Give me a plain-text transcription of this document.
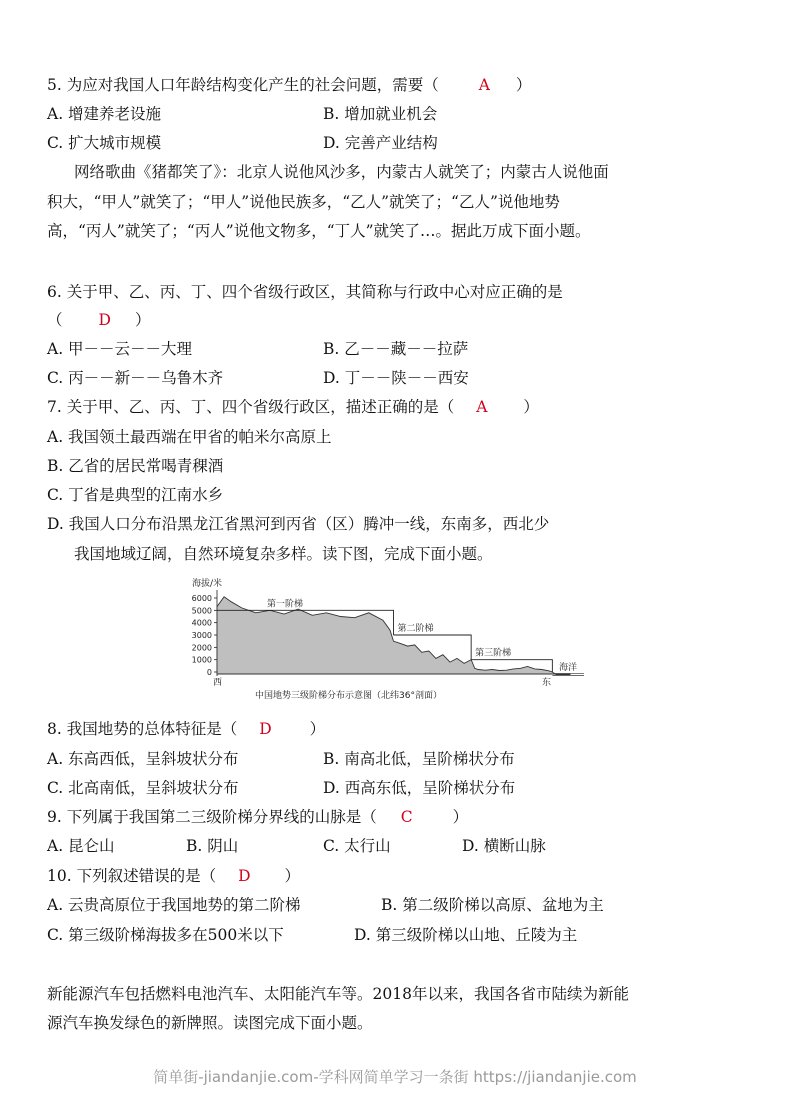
5. 为应对我国人口年龄结构变化产生的社会问题，需要（	A ）
A. 增建养老设施	B. 增加就业机会
C. 扩大城市规模	D. 完善产业结构
网络歌曲《猪都笑了》：北京人说他风沙多，内蒙古人就笑了；内蒙古人说他面
积大，“甲人”就笑了；“甲人”说他民族多，“乙人”就笑了；“乙人”说他地势
高，“丙人”就笑了；“丙人”说他文物多，“丁人”就笑了…。据此万成下面小题。
6. 关于甲、乙、丙、丁、四个省级行政区，其简称与行政中心对应正确的是
（ D ）
A. 甲－－云－－大理	B. 乙－－藏－－拉萨
C. 丙－－新－－乌鲁木齐	D. 丁－－陕－－西安
7. 关于甲、乙、丙、丁、四个省级行政区，描述正确的是（ A ）
A. 我国领土最西端在甲省的帕米尔高原上
B. 乙省的居民常喝青稞酒
C. 丁省是典型的江南水乡
D. 我国人口分布沿黑龙江省黑河到丙省（区）腾冲一线，东南多，西北少
我国地域辽阔，自然环境复杂多样。读下图，完成下面小题。
海拔/米
6000
5000
4000
3000
2000
1000
0
第一阶梯
第二阶梯
第三阶梯
西	东
海洋
中国地势三级阶梯分布示意图（北纬36°剖面）
8. 我国地势的总体特征是（ D ）
A. 东高西低，呈斜坡状分布	B. 南高北低，呈阶梯状分布
C. 北高南低，呈斜坡状分布	D. 西高东低，呈阶梯状分布
9. 下列属于我国第二三级阶梯分界线的山脉是（ C	）
A. 昆仑山	B. 阴山	C. 太行山	D. 横断山脉
10. 下列叙述错误的是（ D ）
A. 云贵高原位于我国地势的第二阶梯	B. 第二级阶梯以高原、盆地为主
C. 第三级阶梯海拔多在500米以下	D. 第三级阶梯以山地、丘陵为主
新能源汽车包括燃料电池汽车、太阳能汽车等。2018年以来，我国各省市陆续为新能
源汽车换发绿色的新牌照。读图完成下面小题。
简单街-jiandanjie.com-学科网简单学习一条街 https://jiandanjie.com
